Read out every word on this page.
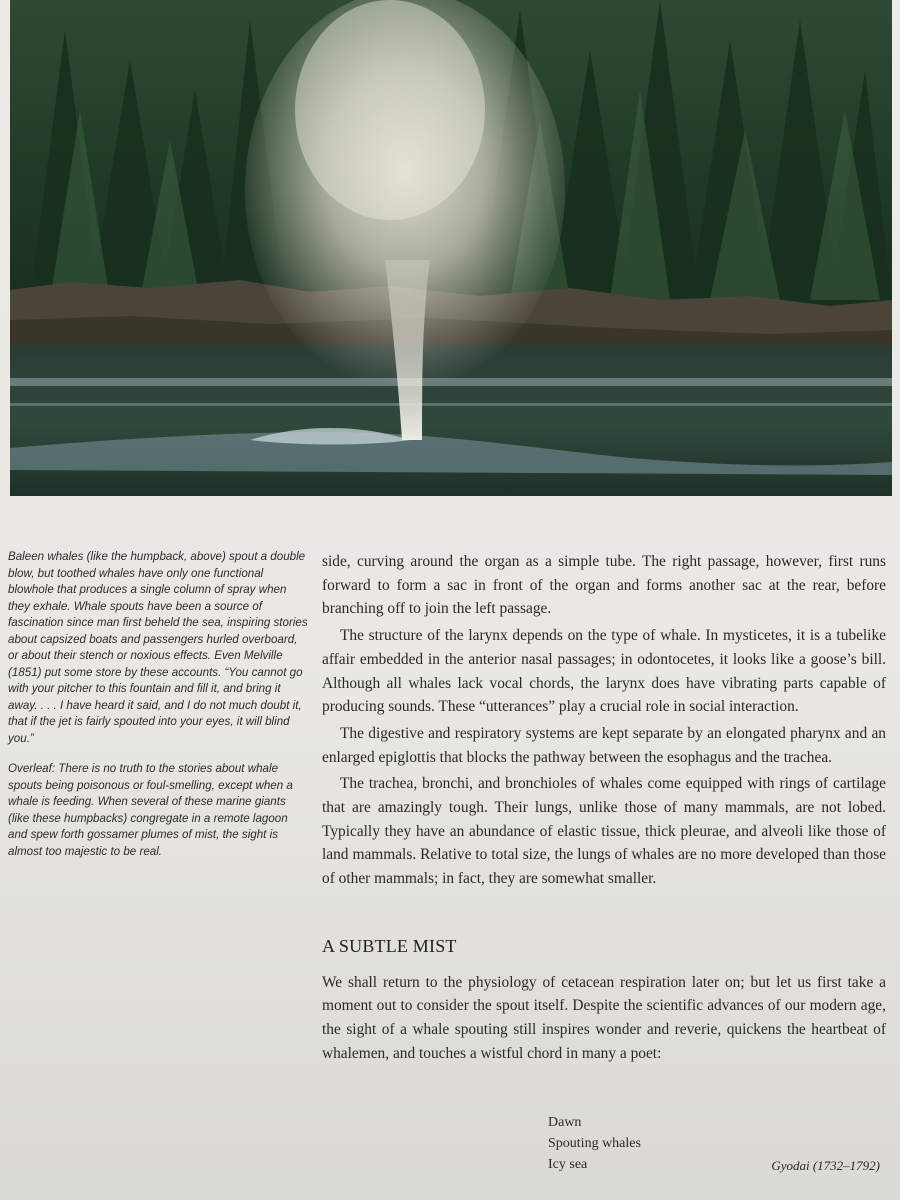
Baleen whales (like the humpback, above) spout a double blow, but toothed whales have only one functional blowhole that produces a single column of spray when they exhale. Whale spouts have been a source of fascination since man first beheld the sea, inspiring stories about capsized boats and passengers hurled overboard, or about their stench or noxious effects. Even Melville (1851) put some store by these accounts. “You cannot go with your pitcher to this fountain and fill it, and bring it away. . . . I have heard it said, and I do not much doubt it, that if the jet is fairly spouted into your eyes, it will blind you.”

Overleaf: There is no truth to the stories about whale spouts being poisonous or foul-smelling, except when a whale is feeding. When several of these marine giants (like these humpbacks) congregate in a remote lagoon and spew forth gossamer plumes of mist, the sight is almost too majestic to be real.

side, curving around the organ as a simple tube. The right passage, however, first runs forward to form a sac in front of the organ and forms another sac at the rear, before branching off to join the left passage.

The structure of the larynx depends on the type of whale. In mysticetes, it is a tubelike affair embedded in the anterior nasal passages; in odontocetes, it looks like a goose’s bill. Although all whales lack vocal chords, the larynx does have vibrating parts capable of producing sounds. These “utterances” play a crucial role in social interaction.

The digestive and respiratory systems are kept separate by an elongated pharynx and an enlarged epiglottis that blocks the pathway between the esophagus and the trachea.

The trachea, bronchi, and bronchioles of whales come equipped with rings of cartilage that are amazingly tough. Their lungs, unlike those of many mammals, are not lobed. Typically they have an abundance of elastic tissue, thick pleurae, and alveoli like those of land mammals. Relative to total size, the lungs of whales are no more developed than those of other mammals; in fact, they are somewhat smaller.

A SUBTLE MIST

We shall return to the physiology of cetacean respiration later on; but let us first take a moment out to consider the spout itself. Despite the scientific advances of our modern age, the sight of a whale spouting still inspires wonder and reverie, quickens the heartbeat of whalemen, and touches a wistful chord in many a poet:

Dawn
Spouting whales
Icy sea	Gyodai (1732–1792)
